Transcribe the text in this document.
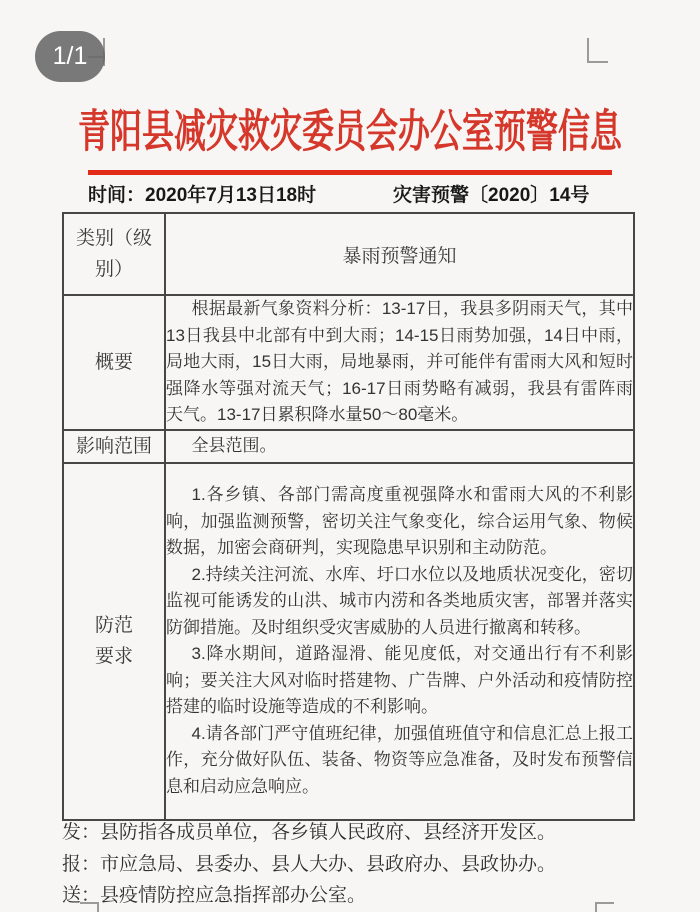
1/1
青阳县减灾救灾委员会办公室预警信息
时间：2020年7月13日18时	灾害预警〔2020〕14号
类别（级别）	暴雨预警通知
概要	根据最新气象资料分析：13-17日，我县多阴雨天气，其中13日我县中北部有中到大雨；14-15日雨势加强，14日中雨，局地大雨，15日大雨，局地暴雨，并可能伴有雷雨大风和短时强降水等强对流天气；16-17日雨势略有减弱，我县有雷阵雨天气。13-17日累积降水量50～80毫米。

影响范围	全县范围。

防范要求	1.各乡镇、各部门需高度重视强降水和雷雨大风的不利影响，加强监测预警，密切关注气象变化，综合运用气象、物候数据，加密会商研判，实现隐患早识别和主动防范。

2.持续关注河流、水库、圩口水位以及地质状况变化，密切监视可能诱发的山洪、城市内涝和各类地质灾害，部署并落实防御措施。及时组织受灾害威胁的人员进行撤离和转移。

3.降水期间，道路湿滑、能见度低，对交通出行有不利影响；要关注大风对临时搭建物、广告牌、户外活动和疫情防控搭建的临时设施等造成的不利影响。

4.请各部门严守值班纪律，加强值班值守和信息汇总上报工作，充分做好队伍、装备、物资等应急准备，及时发布预警信息和启动应急响应。

发：县防指各成员单位，各乡镇人民政府、县经济开发区。
报：市应急局、县委办、县人大办、县政府办、县政协办。
送：县疫情防控应急指挥部办公室。
